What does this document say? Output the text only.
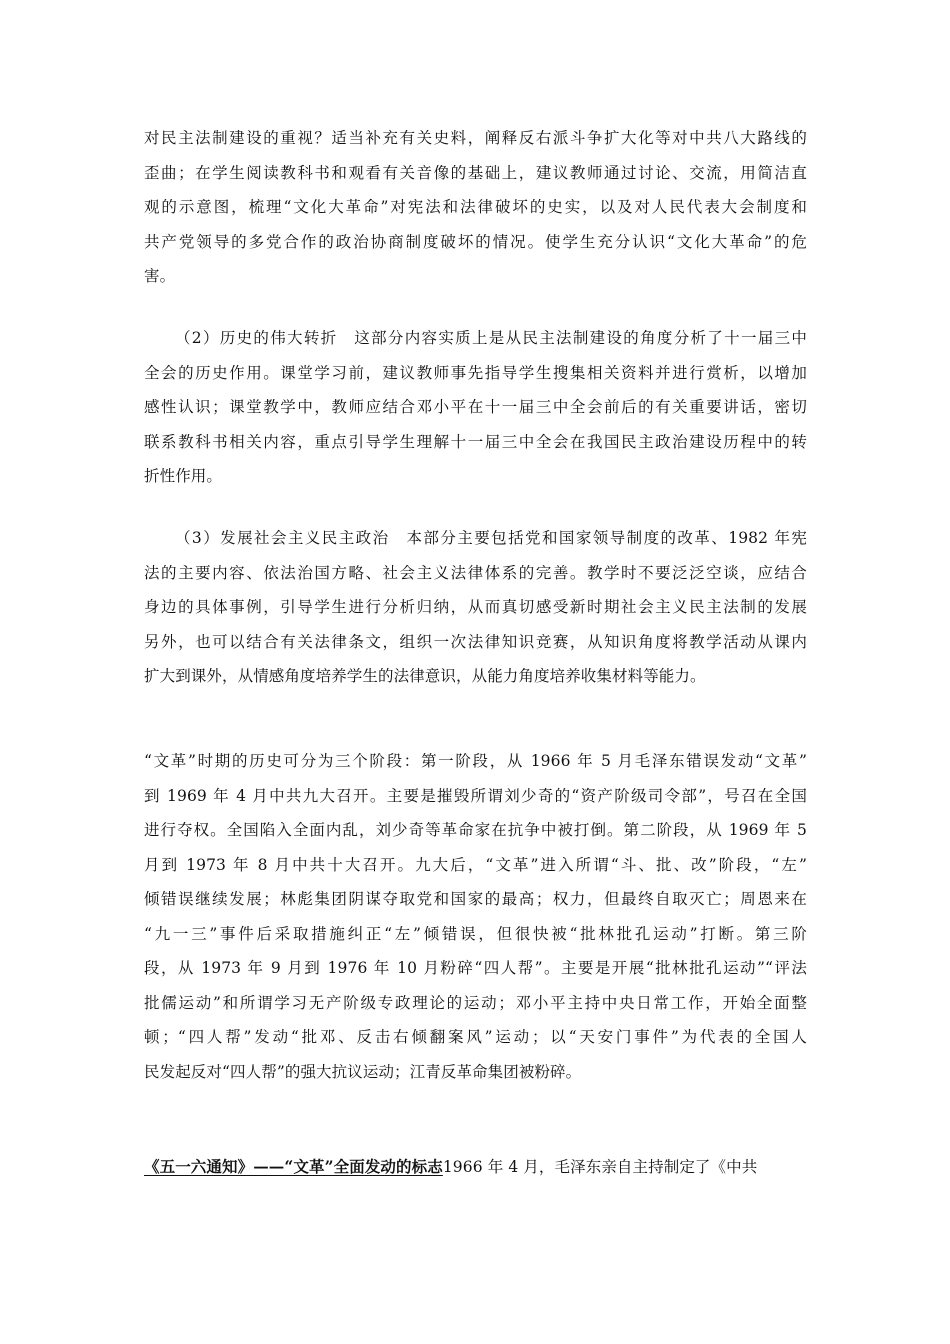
对民主法制建设的重视？适当补充有关史料，阐释反右派斗争扩大化等对中共八大路线的
歪曲；在学生阅读教科书和观看有关音像的基础上，建议教师通过讨论、交流，用简洁直
观的示意图，梳理“文化大革命”对宪法和法律破坏的史实，以及对人民代表大会制度和
共产党领导的多党合作的政治协商制度破坏的情况。使学生充分认识“文化大革命”的危
害。
（2）历史的伟大转折　这部分内容实质上是从民主法制建设的角度分析了十一届三中
全会的历史作用。课堂学习前，建议教师事先指导学生搜集相关资料并进行赏析，以增加
感性认识；课堂教学中，教师应结合邓小平在十一届三中全会前后的有关重要讲话，密切
联系教科书相关内容，重点引导学生理解十一届三中全会在我国民主政治建设历程中的转
折性作用。
（3）发展社会主义民主政治　本部分主要包括党和国家领导制度的改革、1982 年宪
法的主要内容、依法治国方略、社会主义法律体系的完善。教学时不要泛泛空谈，应结合
身边的具体事例，引导学生进行分析归纳，从而真切感受新时期社会主义民主法制的发展
另外，也可以结合有关法律条文，组织一次法律知识竞赛，从知识角度将教学活动从课内
扩大到课外，从情感角度培养学生的法律意识，从能力角度培养收集材料等能力。
“文革”时期的历史可分为三个阶段：第一阶段，从 1966 年 5 月毛泽东错误发动“文革”
到 1969 年 4 月中共九大召开。主要是摧毁所谓刘少奇的“资产阶级司令部”，号召在全国
进行夺权。全国陷入全面内乱，刘少奇等革命家在抗争中被打倒。第二阶段，从 1969 年 5
月到 1973 年 8 月中共十大召开。九大后，“文革”进入所谓“斗、批、改”阶段，“左”
倾错误继续发展；林彪集团阴谋夺取党和国家的最高；权力，但最终自取灭亡；周恩来在
“九一三”事件后采取措施纠正“左”倾错误，但很快被“批林批孔运动”打断。第三阶
段，从 1973 年 9 月到 1976 年 10 月粉碎“四人帮”。主要是开展“批林批孔运动”“评法
批儒运动”和所谓学习无产阶级专政理论的运动；邓小平主持中央日常工作，开始全面整
顿；“四人帮”发动“批邓、反击右倾翻案风”运动；以“天安门事件”为代表的全国人
民发起反对“四人帮”的强大抗议运动；江青反革命集团被粉碎。
《五一六通知》——“文革”全面发动的标志1966 年 4 月，毛泽东亲自主持制定了《中共
